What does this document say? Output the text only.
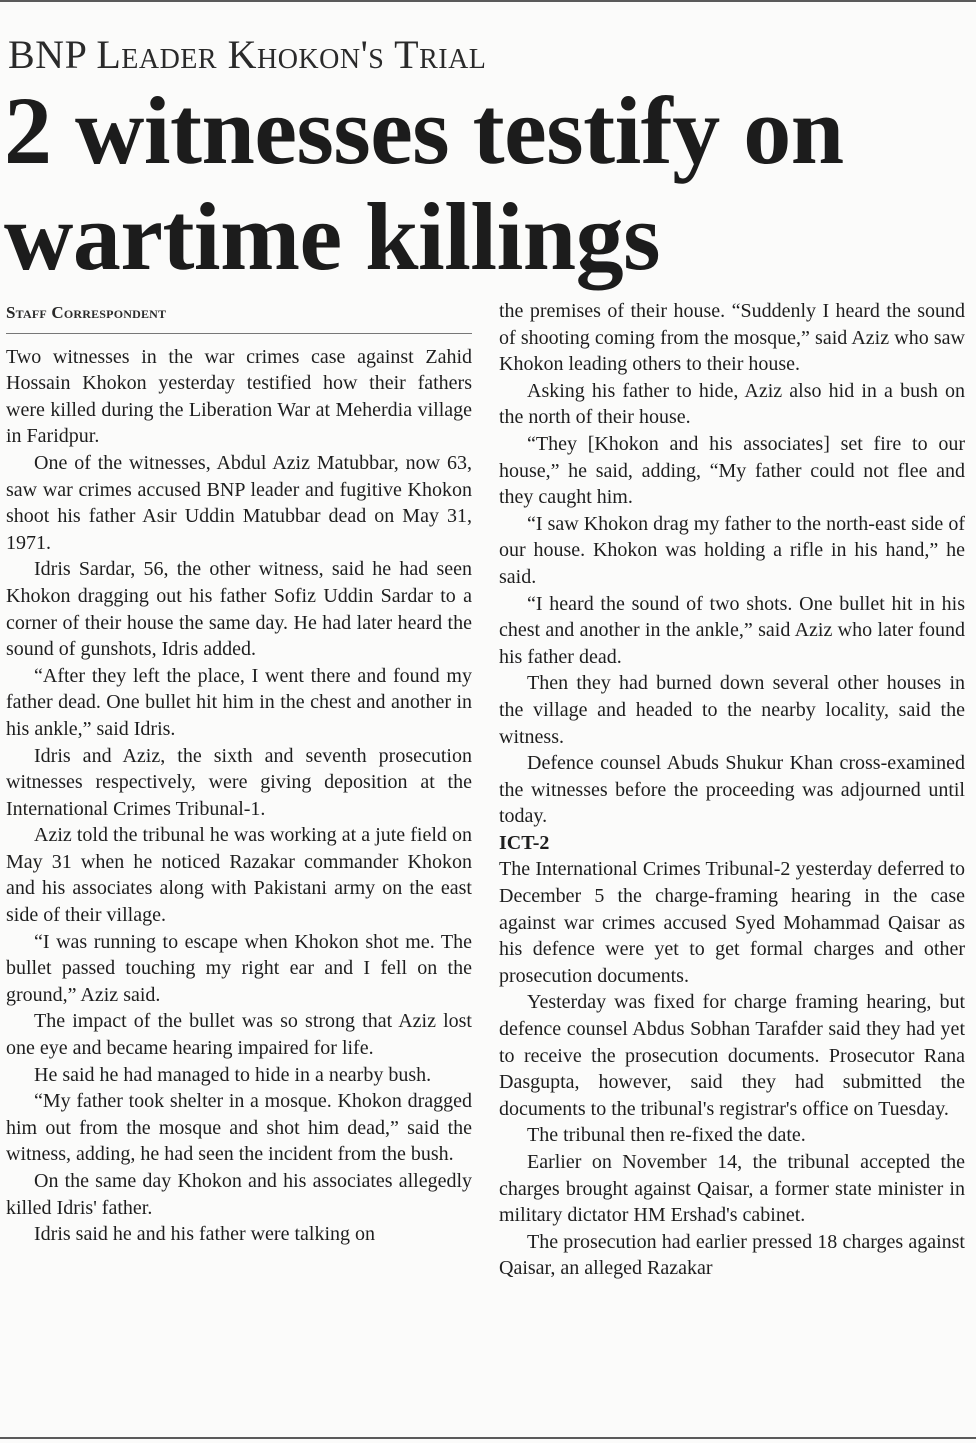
BNP Leader Khokon's Trial
2 witnesses testify on wartime killings
Staff Correspondent

Two witnesses in the war crimes case against Zahid Hossain Khokon yesterday testified how their fathers were killed during the Liberation War at Meherdia village in Faridpur.

One of the witnesses, Abdul Aziz Matubbar, now 63, saw war crimes accused BNP leader and fugitive Khokon shoot his father Asir Uddin Matubbar dead on May 31, 1971.

Idris Sardar, 56, the other witness, said he had seen Khokon dragging out his father Sofiz Uddin Sardar to a corner of their house the same day. He had later heard the sound of gunshots, Idris added.

“After they left the place, I went there and found my father dead. One bullet hit him in the chest and another in his ankle,” said Idris.

Idris and Aziz, the sixth and seventh prosecution witnesses respectively, were giving deposition at the International Crimes Tribunal-1.

Aziz told the tribunal he was working at a jute field on May 31 when he noticed Razakar commander Khokon and his associates along with Pakistani army on the east side of their village.

“I was running to escape when Khokon shot me. The bullet passed touching my right ear and I fell on the ground,” Aziz said.

The impact of the bullet was so strong that Aziz lost one eye and became hearing impaired for life.

He said he had managed to hide in a nearby bush.

“My father took shelter in a mosque. Khokon dragged him out from the mosque and shot him dead,” said the witness, adding, he had seen the incident from the bush.

On the same day Khokon and his associates allegedly killed Idris' father.

Idris said he and his father were talking on

the premises of their house. “Suddenly I heard the sound of shooting coming from the mosque,” said Aziz who saw Khokon leading others to their house.

Asking his father to hide, Aziz also hid in a bush on the north of their house.

“They [Khokon and his associates] set fire to our house,” he said, adding, “My father could not flee and they caught him.

“I saw Khokon drag my father to the north-east side of our house. Khokon was holding a rifle in his hand,” he said.

“I heard the sound of two shots. One bullet hit in his chest and another in the ankle,” said Aziz who later found his father dead.

Then they had burned down several other houses in the village and headed to the nearby locality, said the witness.

Defence counsel Abuds Shukur Khan cross-examined the witnesses before the proceeding was adjourned until today.

ICT-2

The International Crimes Tribunal-2 yesterday deferred to December 5 the charge-framing hearing in the case against war crimes accused Syed Mohammad Qaisar as his defence were yet to get formal charges and other prosecution documents.

Yesterday was fixed for charge framing hearing, but defence counsel Abdus Sobhan Tarafder said they had yet to receive the prosecution documents. Prosecutor Rana Dasgupta, however, said they had submitted the documents to the tribunal's registrar's office on Tuesday.

The tribunal then re-fixed the date.

Earlier on November 14, the tribunal accepted the charges brought against Qaisar, a former state minister in military dictator HM Ershad's cabinet.

The prosecution had earlier pressed 18 charges against Qaisar, an alleged Razakar
